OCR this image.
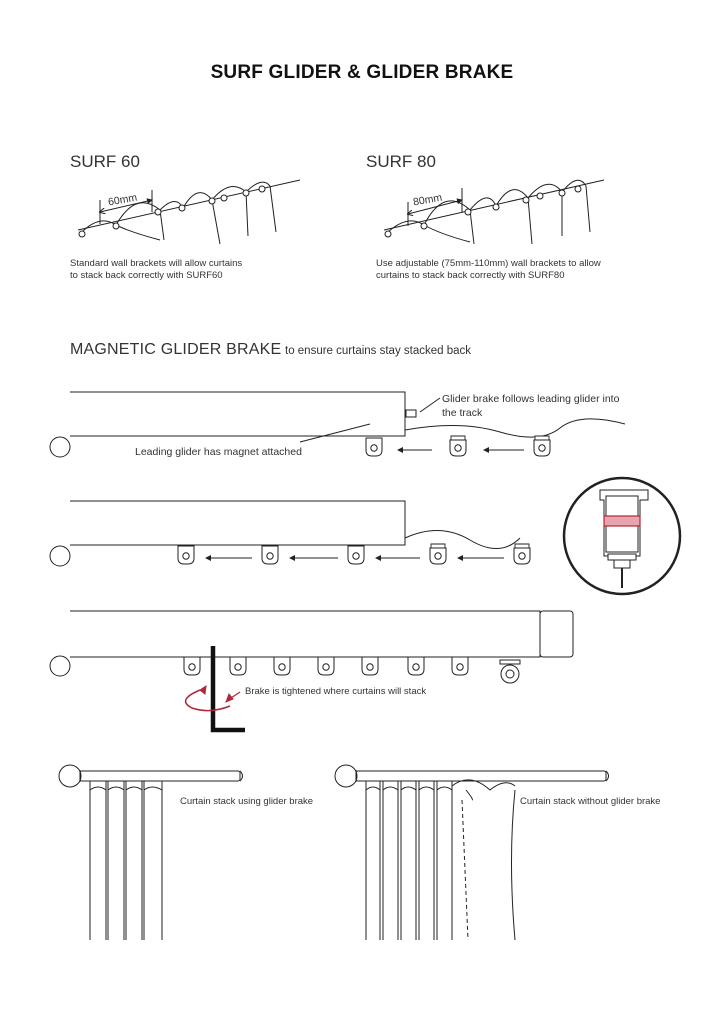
SURF GLIDER & GLIDER BRAKE
SURF 60	SURF 80
60mm	80mm
Standard wall brackets will allow curtains
to stack back correctly with SURF60
Use adjustable (75mm-110mm) wall brackets to allow
curtains to stack back correctly with SURF80
MAGNETIC GLIDER BRAKE to ensure curtains stay stacked back
Glider brake follows leading glider into
the track
Leading glider has magnet attached
Brake is tightened where curtains will stack
Curtain stack using glider brake	Curtain stack without glider brake
